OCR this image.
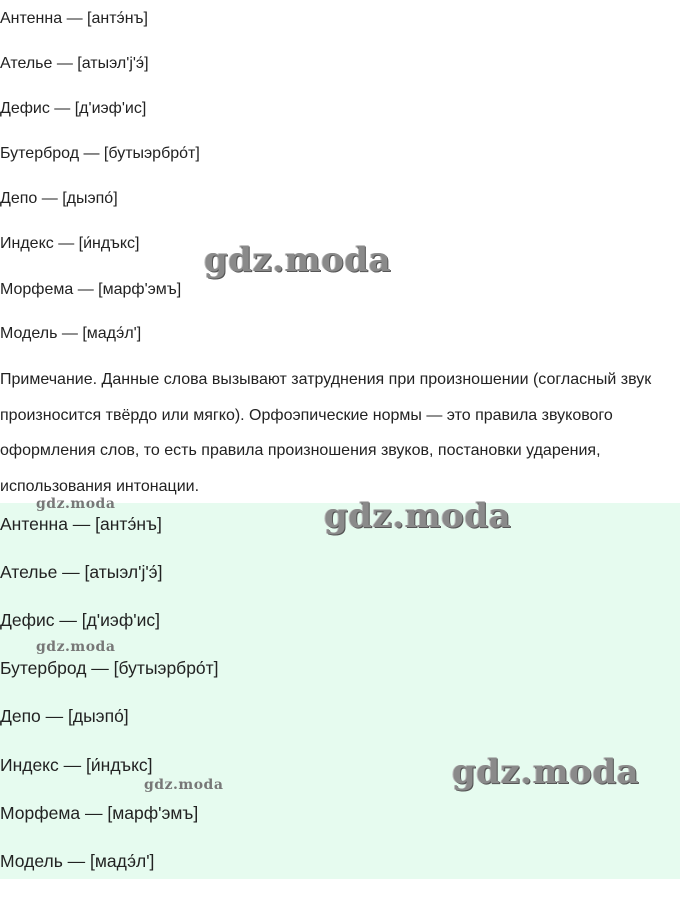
Антенна — [антэ́нъ]
Ателье — [атыэл'j'э́]
Дефис — [д'иэф'ис]
Бутерброд — [бутыэрбро́т]
Депо — [дыэпо́]
Индекс — [и́ндъкс]
Морфема — [марф'эмъ]
Модель — [мадэ́л']
Примечание. Данные слова вызывают затруднения при произношении (согласный звук произносится твёрдо или мягко). Орфоэпические нормы — это правила звукового оформления слов, то есть правила произношения звуков, постановки ударения, использования интонации.
Антенна — [антэ́нъ]
Ателье — [атыэл'j'э́]
Дефис — [д'иэф'ис]
Бутерброд — [бутыэрбро́т]
Депо — [дыэпо́]
Индекс — [и́ндъкс]
Морфема — [марф'эмъ]
Модель — [мадэ́л']
gdz.moda
gdz.moda	gdz.moda
gdz.moda
gdz.moda
gdz.moda
